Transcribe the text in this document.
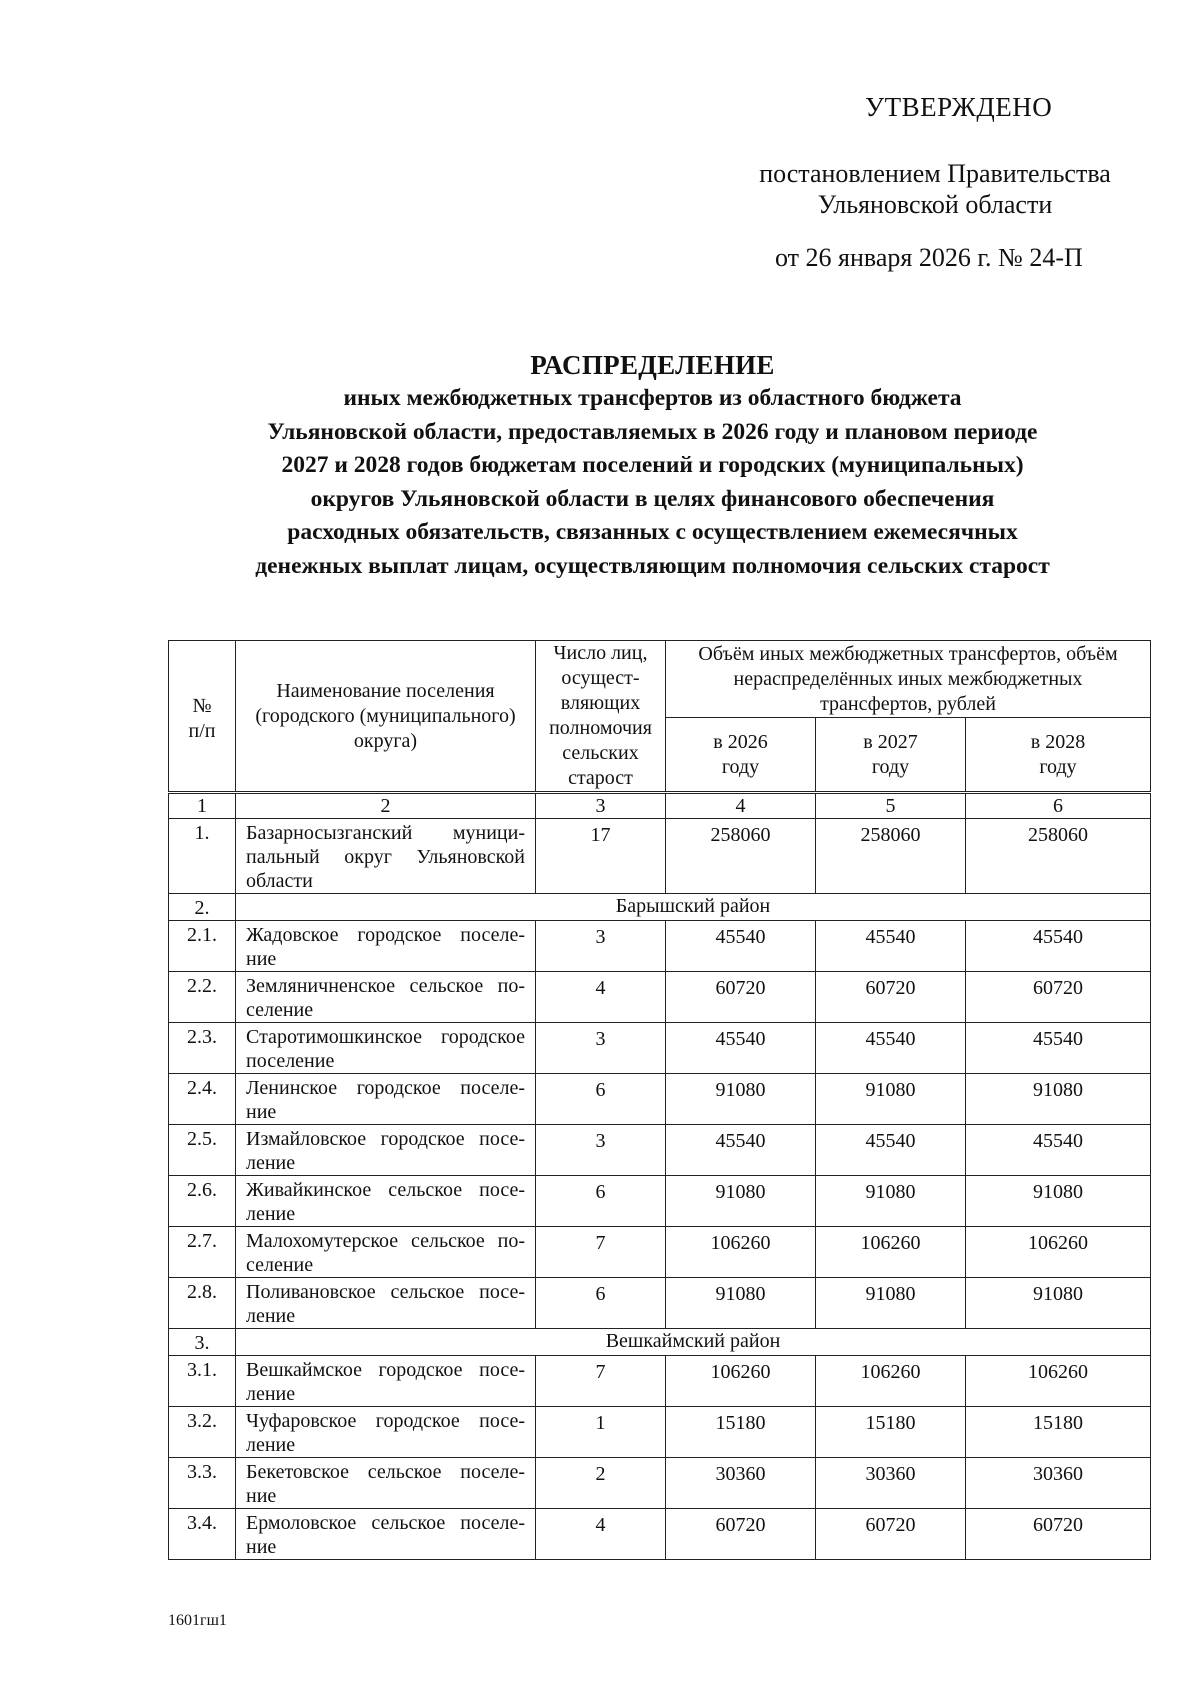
УТВЕРЖДЕНО
постановлением Правительства
Ульяновской области
от 26 января 2026 г. № 24-П
РАСПРЕДЕЛЕНИЕ
иных межбюджетных трансфертов из областного бюджета
Ульяновской области, предоставляемых в 2026 году и плановом периоде
2027 и 2028 годов бюджетам поселений и городских (муниципальных)
округов Ульяновской области в целях финансового обеспечения
расходных обязательств, связанных с осуществлением ежемесячных
денежных выплат лицам, осуществляющим полномочия сельских старост
№ п/п	Наименование поселения (городского (муниципального) округа)	Число лиц, осущест-вляющих полномочия сельских старост	Объём иных межбюджетных трансфертов, объём нераспределённых иных межбюджетных трансфертов, рублей		

			в 2026 году	в 2027 году	в 2028 году

1	2	3	4	5	6
1.	Базарносызганский муници-пальный округ Ульяновской области	17	258060	258060	258060
2.	Барышский район				
2.1.	Жадовское городское поселе-ние	3	45540	45540	45540
2.2.	Земляничненское сельское по-селение	4	60720	60720	60720
2.3.	Старотимошкинское городское поселение	3	45540	45540	45540
2.4.	Ленинское городское поселе-ние	6	91080	91080	91080
2.5.	Измайловское городское посе-ление	3	45540	45540	45540
2.6.	Живайкинское сельское посе-ление	6	91080	91080	91080
2.7.	Малохомутерское сельское по-селение	7	106260	106260	106260
2.8.	Поливановское сельское посе-ление	6	91080	91080	91080
3.	Вешкаймский район				
3.1.	Вешкаймское городское посе-ление	7	106260	106260	106260
3.2.	Чуфаровское городское посе-ление	1	15180	15180	15180
3.3.	Бекетовское сельское поселе-ние	2	30360	30360	30360
3.4.	Ермоловское сельское поселе-ние	4	60720	60720	60720
1601гш1
